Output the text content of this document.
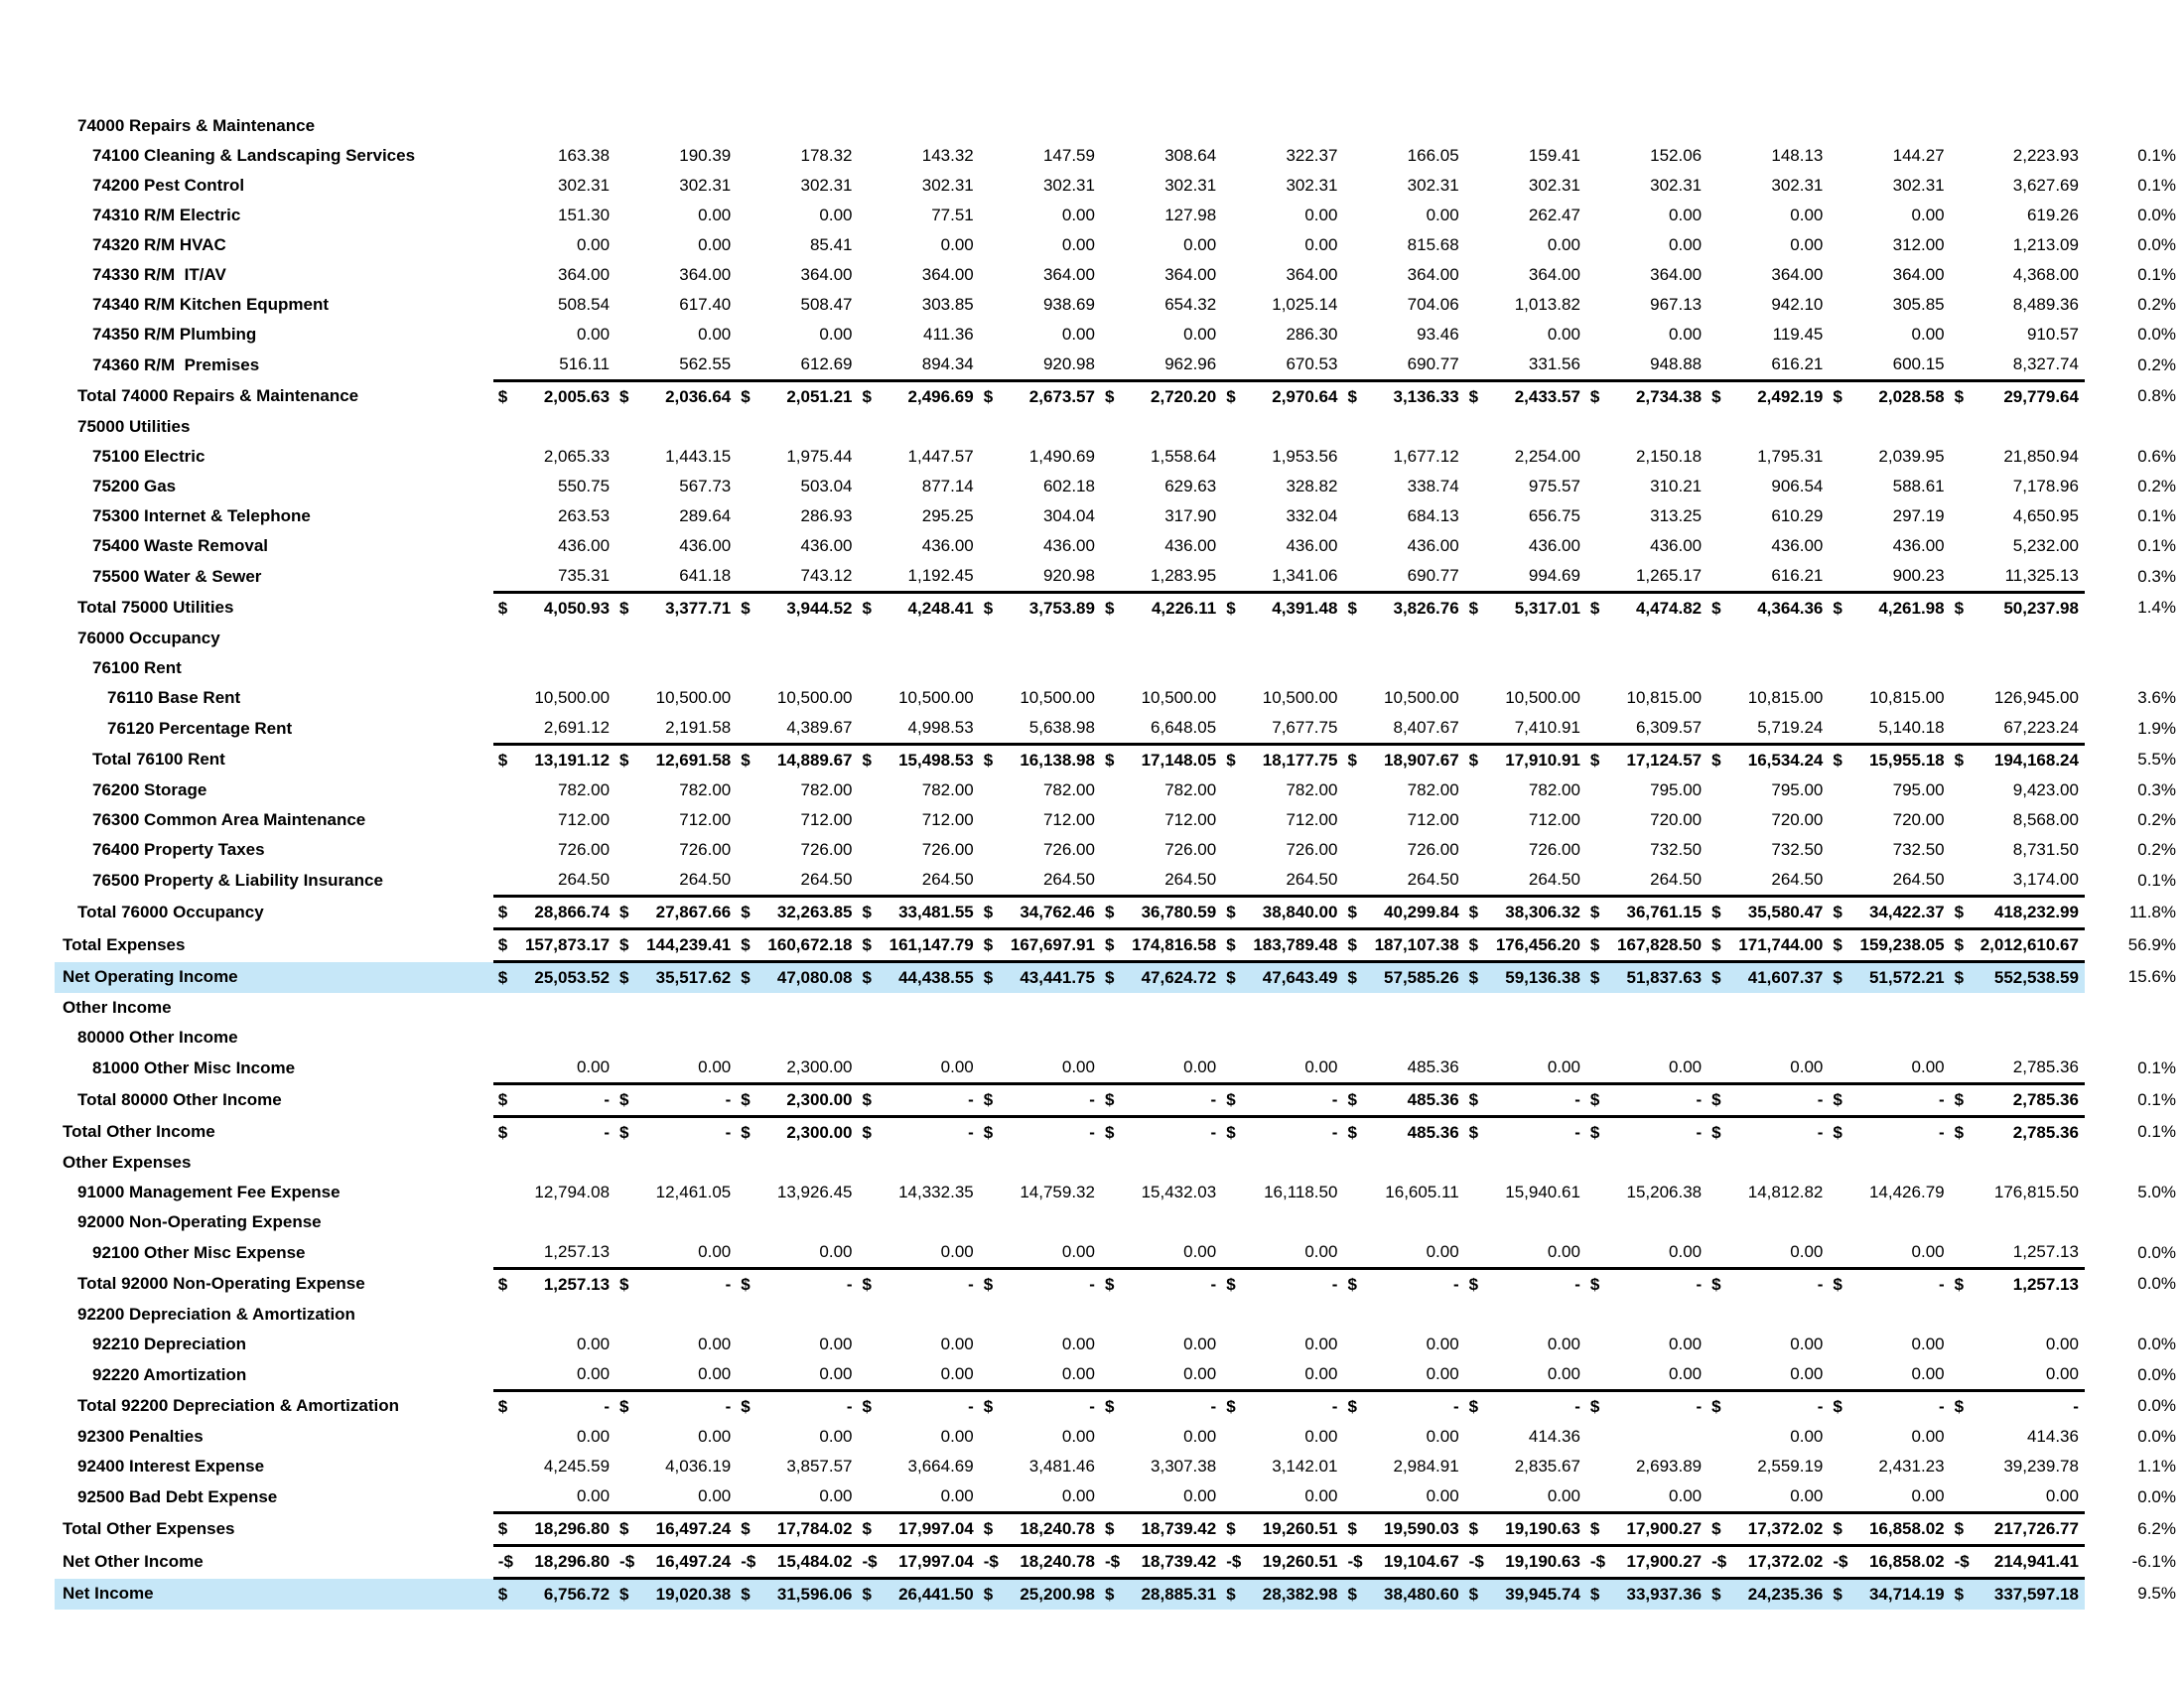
74000 Repairs & Maintenance	

74100 Cleaning & Landscaping Services	163.38	190.39	178.32	143.32	147.59	308.64	322.37	166.05	159.41	152.06	148.13	144.27	2,223.93	0.1%
74200 Pest Control	302.31	302.31	302.31	302.31	302.31	302.31	302.31	302.31	302.31	302.31	302.31	302.31	3,627.69	0.1%
74310 R/M Electric	151.30	0.00	0.00	77.51	0.00	127.98	0.00	0.00	262.47	0.00	0.00	0.00	619.26	0.0%
74320 R/M HVAC	0.00	0.00	85.41	0.00	0.00	0.00	0.00	815.68	0.00	0.00	0.00	312.00	1,213.09	0.0%
74330 R/M  IT/AV	364.00	364.00	364.00	364.00	364.00	364.00	364.00	364.00	364.00	364.00	364.00	364.00	4,368.00	0.1%
74340 R/M Kitchen Equpment	508.54	617.40	508.47	303.85	938.69	654.32	1,025.14	704.06	1,013.82	967.13	942.10	305.85	8,489.36	0.2%
74350 R/M Plumbing	0.00	0.00	0.00	411.36	0.00	0.00	286.30	93.46	0.00	0.00	119.45	0.00	910.57	0.0%
74360 R/M  Premises	516.11	562.55	612.69	894.34	920.98	962.96	670.53	690.77	331.56	948.88	616.21	600.15	8,327.74	0.2%
Total 74000 Repairs & Maintenance	$ 2,005.63	$ 2,036.64	$ 2,051.21	$ 2,496.69	$ 2,673.57	$ 2,720.20	$ 2,970.64	$ 3,136.33	$ 2,433.57	$ 2,734.38	$ 2,492.19	$ 2,028.58	$ 29,779.64	0.8%
75000 Utilities	

75100 Electric	2,065.33	1,443.15	1,975.44	1,447.57	1,490.69	1,558.64	1,953.56	1,677.12	2,254.00	2,150.18	1,795.31	2,039.95	21,850.94	0.6%
75200 Gas	550.75	567.73	503.04	877.14	602.18	629.63	328.82	338.74	975.57	310.21	906.54	588.61	7,178.96	0.2%
75300 Internet & Telephone	263.53	289.64	286.93	295.25	304.04	317.90	332.04	684.13	656.75	313.25	610.29	297.19	4,650.95	0.1%
75400 Waste Removal	436.00	436.00	436.00	436.00	436.00	436.00	436.00	436.00	436.00	436.00	436.00	436.00	5,232.00	0.1%
75500 Water & Sewer	735.31	641.18	743.12	1,192.45	920.98	1,283.95	1,341.06	690.77	994.69	1,265.17	616.21	900.23	11,325.13	0.3%
Total 75000 Utilities	$ 4,050.93	$ 3,377.71	$ 3,944.52	$ 4,248.41	$ 3,753.89	$ 4,226.11	$ 4,391.48	$ 3,826.76	$ 5,317.01	$ 4,474.82	$ 4,364.36	$ 4,261.98	$ 50,237.98	1.4%
76000 Occupancy	

76100 Rent	

76110 Base Rent	10,500.00	10,500.00	10,500.00	10,500.00	10,500.00	10,500.00	10,500.00	10,500.00	10,500.00	10,815.00	10,815.00	10,815.00	126,945.00	3.6%
76120 Percentage Rent	2,691.12	2,191.58	4,389.67	4,998.53	5,638.98	6,648.05	7,677.75	8,407.67	7,410.91	6,309.57	5,719.24	5,140.18	67,223.24	1.9%
Total 76100 Rent	$ 13,191.12	$ 12,691.58	$ 14,889.67	$ 15,498.53	$ 16,138.98	$ 17,148.05	$ 18,177.75	$ 18,907.67	$ 17,910.91	$ 17,124.57	$ 16,534.24	$ 15,955.18	$ 194,168.24	5.5%
76200 Storage	782.00	782.00	782.00	782.00	782.00	782.00	782.00	782.00	782.00	795.00	795.00	795.00	9,423.00	0.3%
76300 Common Area Maintenance	712.00	712.00	712.00	712.00	712.00	712.00	712.00	712.00	712.00	720.00	720.00	720.00	8,568.00	0.2%
76400 Property Taxes	726.00	726.00	726.00	726.00	726.00	726.00	726.00	726.00	726.00	732.50	732.50	732.50	8,731.50	0.2%
76500 Property & Liability Insurance	264.50	264.50	264.50	264.50	264.50	264.50	264.50	264.50	264.50	264.50	264.50	264.50	3,174.00	0.1%
Total 76000 Occupancy	$ 28,866.74	$ 27,867.66	$ 32,263.85	$ 33,481.55	$ 34,762.46	$ 36,780.59	$ 38,840.00	$ 40,299.84	$ 38,306.32	$ 36,761.15	$ 35,580.47	$ 34,422.37	$ 418,232.99	11.8%
Total Expenses	$ 157,873.17	$ 144,239.41	$ 160,672.18	$ 161,147.79	$ 167,697.91	$ 174,816.58	$ 183,789.48	$ 187,107.38	$ 176,456.20	$ 167,828.50	$ 171,744.00	$ 159,238.05	$ 2,012,610.67	56.9%
Net Operating Income	$ 25,053.52	$ 35,517.62	$ 47,080.08	$ 44,438.55	$ 43,441.75	$ 47,624.72	$ 47,643.49	$ 57,585.26	$ 59,136.38	$ 51,837.63	$ 41,607.37	$ 51,572.21	$ 552,538.59	15.6%
Other Income	

80000 Other Income	

81000 Other Misc Income	0.00	0.00	2,300.00	0.00	0.00	0.00	0.00	485.36	0.00	0.00	0.00	0.00	2,785.36	0.1%
Total 80000 Other Income	$ -	$ -	$ 2,300.00	$ -	$ -	$ -	$ -	$ 485.36	$ -	$ -	$ -	$ -	$ 2,785.36	0.1%
Total Other Income	$ -	$ -	$ 2,300.00	$ -	$ -	$ -	$ -	$ 485.36	$ -	$ -	$ -	$ -	$ 2,785.36	0.1%
Other Expenses	

91000 Management Fee Expense	12,794.08	12,461.05	13,926.45	14,332.35	14,759.32	15,432.03	16,118.50	16,605.11	15,940.61	15,206.38	14,812.82	14,426.79	176,815.50	5.0%
92000 Non-Operating Expense	

92100 Other Misc Expense	1,257.13	0.00	0.00	0.00	0.00	0.00	0.00	0.00	0.00	0.00	0.00	0.00	1,257.13	0.0%
Total 92000 Non-Operating Expense	$ 1,257.13	$ -	$ -	$ -	$ -	$ -	$ -	$ -	$ -	$ -	$ -	$ -	$ 1,257.13	0.0%
92200 Depreciation & Amortization	

92210 Depreciation	0.00	0.00	0.00	0.00	0.00	0.00	0.00	0.00	0.00	0.00	0.00	0.00	0.00	0.0%
92220 Amortization	0.00	0.00	0.00	0.00	0.00	0.00	0.00	0.00	0.00	0.00	0.00	0.00	0.00	0.0%
Total 92200 Depreciation & Amortization	$ -	$ -	$ -	$ -	$ -	$ -	$ -	$ -	$ -	$ -	$ -	$ -	$ -	0.0%
92300 Penalties	0.00	0.00	0.00	0.00	0.00	0.00	0.00	0.00	414.36		0.00	0.00	414.36	0.0%
92400 Interest Expense	4,245.59	4,036.19	3,857.57	3,664.69	3,481.46	3,307.38	3,142.01	2,984.91	2,835.67	2,693.89	2,559.19	2,431.23	39,239.78	1.1%
92500 Bad Debt Expense	0.00	0.00	0.00	0.00	0.00	0.00	0.00	0.00	0.00	0.00	0.00	0.00	0.00	0.0%
Total Other Expenses	$ 18,296.80	$ 16,497.24	$ 17,784.02	$ 17,997.04	$ 18,240.78	$ 18,739.42	$ 19,260.51	$ 19,590.03	$ 19,190.63	$ 17,900.27	$ 17,372.02	$ 16,858.02	$ 217,726.77	6.2%
Net Other Income	-$ 18,296.80	-$ 16,497.24	-$ 15,484.02	-$ 17,997.04	-$ 18,240.78	-$ 18,739.42	-$ 19,260.51	-$ 19,104.67	-$ 19,190.63	-$ 17,900.27	-$ 17,372.02	-$ 16,858.02	-$ 214,941.41	-6.1%
Net Income	$ 6,756.72	$ 19,020.38	$ 31,596.06	$ 26,441.50	$ 25,200.98	$ 28,885.31	$ 28,382.98	$ 38,480.60	$ 39,945.74	$ 33,937.36	$ 24,235.36	$ 34,714.19	$ 337,597.18	9.5%
